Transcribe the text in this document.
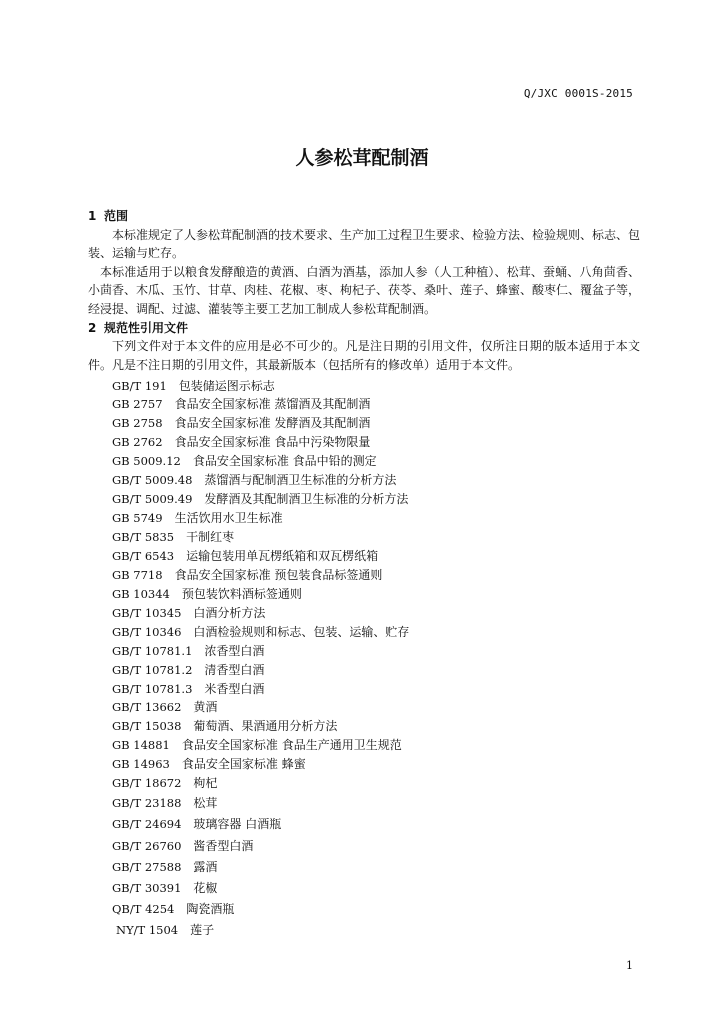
Q/JXC 0001S-2015
人参松茸配制酒
1 范围

本标准规定了人参松茸配制酒的技术要求、生产加工过程卫生要求、检验方法、检验规则、标志、包装、运输与贮存。

本标准适用于以粮食发酵酿造的黄酒、白酒为酒基，添加人参（人工种植）、松茸、蚕蛹、八角茴香、小茴香、木瓜、玉竹、甘草、肉桂、花椒、枣、枸杞子、茯苓、桑叶、莲子、蜂蜜、酸枣仁、覆盆子等，经浸提、调配、过滤、灌装等主要工艺加工制成人参松茸配制酒。

2 规范性引用文件

下列文件对于本文件的应用是必不可少的。凡是注日期的引用文件，仅所注日期的版本适用于本文件。凡是不注日期的引用文件，其最新版本（包括所有的修改单）适用于本文件。

GB/T 191 包装储运图示标志
GB 2757 食品安全国家标准 蒸馏酒及其配制酒
GB 2758 食品安全国家标准 发酵酒及其配制酒
GB 2762 食品安全国家标准 食品中污染物限量
GB 5009.12 食品安全国家标准 食品中铅的测定
GB/T 5009.48 蒸馏酒与配制酒卫生标准的分析方法
GB/T 5009.49 发酵酒及其配制酒卫生标准的分析方法
GB 5749 生活饮用水卫生标准
GB/T 5835 干制红枣
GB/T 6543 运输包装用单瓦楞纸箱和双瓦楞纸箱
GB 7718 食品安全国家标准 预包装食品标签通则
GB 10344 预包装饮料酒标签通则
GB/T 10345 白酒分析方法
GB/T 10346 白酒检验规则和标志、包装、运输、贮存
GB/T 10781.1 浓香型白酒
GB/T 10781.2 清香型白酒
GB/T 10781.3 米香型白酒
GB/T 13662 黄酒
GB/T 15038 葡萄酒、果酒通用分析方法
GB 14881 食品安全国家标准 食品生产通用卫生规范
GB 14963 食品安全国家标准 蜂蜜
GB/T 18672 枸杞
GB/T 23188 松茸
GB/T 24694 玻璃容器 白酒瓶
GB/T 26760 酱香型白酒
GB/T 27588 露酒
GB/T 30391 花椒
QB/T 4254 陶瓷酒瓶
NY/T 1504 莲子
1
